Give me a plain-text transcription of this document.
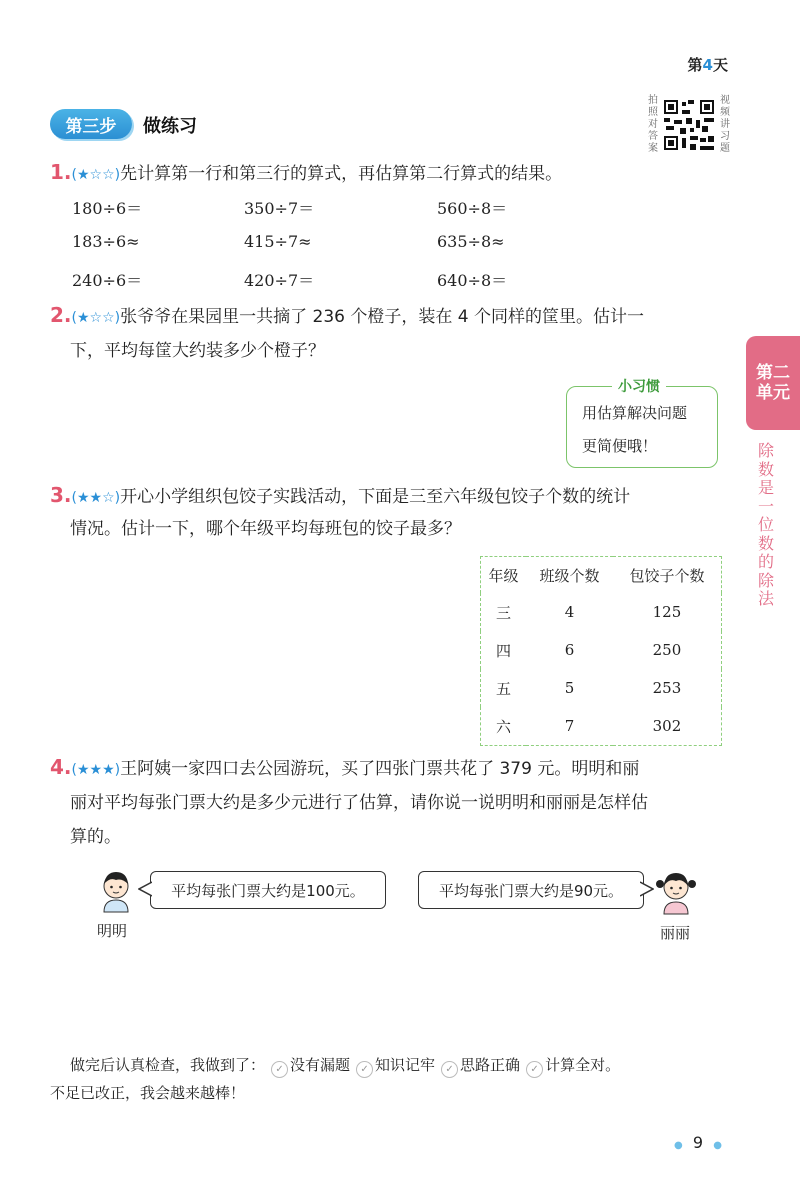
第4天
第三步	做练习
拍照对答案
视频讲习题
第二
单元
除数是一位数的除法
1.(★☆☆)先计算第一行和第三行的算式，再估算第二行算式的结果。
180÷6＝	350÷7＝	560÷8＝
183÷6≈	415÷7≈	635÷8≈
240÷6＝	420÷7＝	640÷8＝
2.(★☆☆)张爷爷在果园里一共摘了 236 个橙子，装在 4 个同样的筐里。估计一
下，平均每筐大约装多少个橙子？
小习惯
用估算解决问题
更简便哦！
3.(★★☆)开心小学组织包饺子实践活动，下面是三至六年级包饺子个数的统计
情况。估计一下，哪个年级平均每班包的饺子最多？
年级	班级个数	包饺子个数
三	4	125
四	6	250
五	5	253
六	7	302
4.(★★★)王阿姨一家四口去公园游玩，买了四张门票共花了 379 元。明明和丽
丽对平均每张门票大约是多少元进行了估算，请你说一说明明和丽丽是怎样估
算的。
明明
平均每张门票大约是100元。
丽丽
平均每张门票大约是90元。
做完后认真检查，我做到了： ✓ 没有漏题 ✓ 知识记牢 ✓ 思路正确 ✓ 计算全对。
不足已改正，我会越来越棒！
● 9 ●
